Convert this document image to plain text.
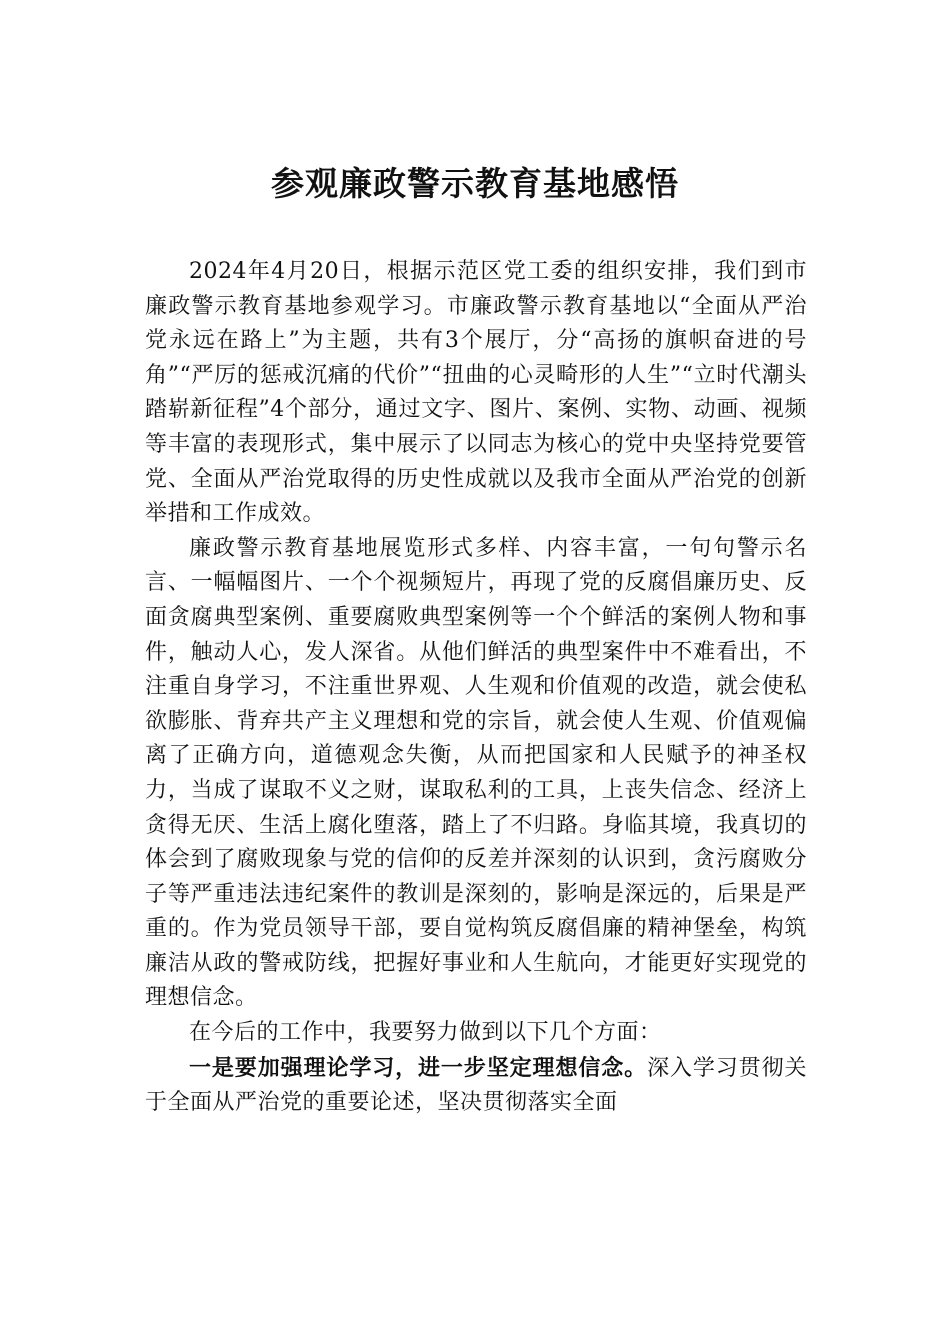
参观廉政警示教育基地感悟

2024年4月20日，根据示范区党工委的组织安排，我们到市廉政警示教育基地参观学习。市廉政警示教育基地以“全面从严治党永远在路上”为主题，共有3个展厅，分“高扬的旗帜奋进的号角”“严厉的惩戒沉痛的代价”“扭曲的心灵畸形的人生”“立时代潮头踏崭新征程”4个部分，通过文字、图片、案例、实物、动画、视频等丰富的表现形式，集中展示了以同志为核心的党中央坚持党要管党、全面从严治党取得的历史性成就以及我市全面从严治党的创新举措和工作成效。

廉政警示教育基地展览形式多样、内容丰富，一句句警示名言、一幅幅图片、一个个视频短片，再现了党的反腐倡廉历史、反面贪腐典型案例、重要腐败典型案例等一个个鲜活的案例人物和事件，触动人心，发人深省。从他们鲜活的典型案件中不难看出，不注重自身学习，不注重世界观、人生观和价值观的改造，就会使私欲膨胀、背弃共产主义理想和党的宗旨，就会使人生观、价值观偏离了正确方向，道德观念失衡，从而把国家和人民赋予的神圣权力，当成了谋取不义之财，谋取私利的工具，上丧失信念、经济上贪得无厌、生活上腐化堕落，踏上了不归路。身临其境，我真切的体会到了腐败现象与党的信仰的反差并深刻的认识到，贪污腐败分子等严重违法违纪案件的教训是深刻的，影响是深远的，后果是严重的。作为党员领导干部，要自觉构筑反腐倡廉的精神堡垒，构筑廉洁从政的警戒防线，把握好事业和人生航向，才能更好实现党的理想信念。

在今后的工作中，我要努力做到以下几个方面：

一是要加强理论学习，进一步坚定理想信念。深入学习贯彻关于全面从严治党的重要论述，坚决贯彻落实全面
